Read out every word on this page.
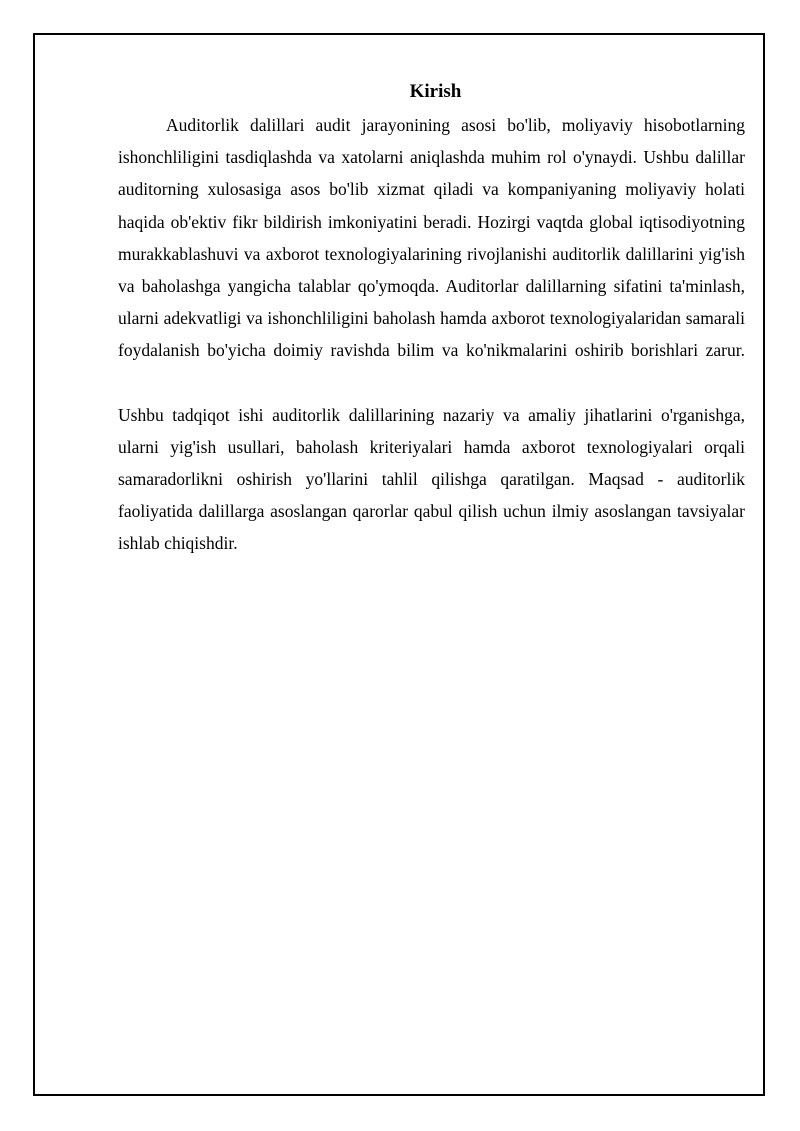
Kirish

Auditorlik dalillari audit jarayonining asosi bo'lib, moliyaviy hisobotlarning ishonchliligini tasdiqlashda va xatolarni aniqlashda muhim rol o'ynaydi. Ushbu dalillar auditorning xulosasiga asos bo'lib xizmat qiladi va kompaniyaning moliyaviy holati haqida ob'ektiv fikr bildirish imkoniyatini beradi. Hozirgi vaqtda global iqtisodiyotning murakkablashuvi va axborot texnologiyalarining rivojlanishi auditorlik dalillarini yig'ish va baholashga yangicha talablar qo'ymoqda. Auditorlar dalillarning sifatini ta'minlash, ularni adekvatligi va ishonchliligini baholash hamda axborot texnologiyalaridan samarali foydalanish bo'yicha doimiy ravishda bilim va ko'nikmalarini oshirib borishlari zarur.

Ushbu tadqiqot ishi auditorlik dalillarining nazariy va amaliy jihatlarini o'rganishga, ularni yig'ish usullari, baholash kriteriyalari hamda axborot texnologiyalari orqali samaradorlikni oshirish yo'llarini tahlil qilishga qaratilgan. Maqsad - auditorlik faoliyatida dalillarga asoslangan qarorlar qabul qilish uchun ilmiy asoslangan tavsiyalar ishlab chiqishdir.
